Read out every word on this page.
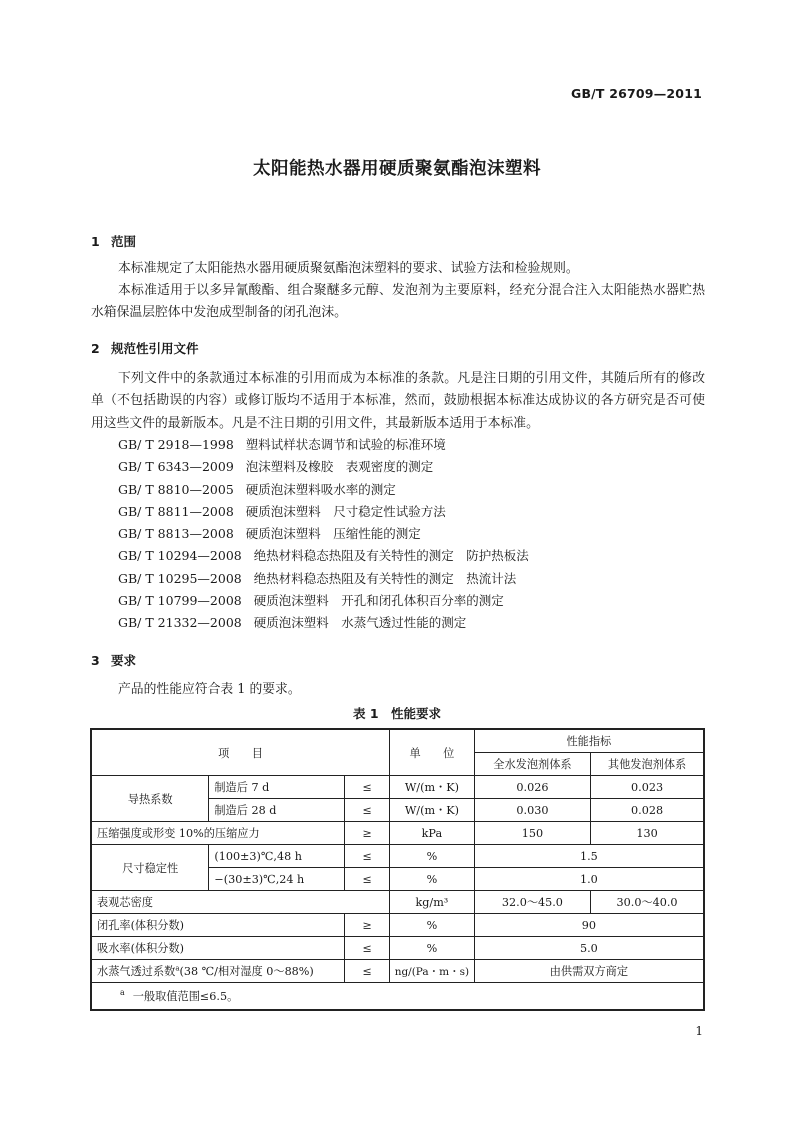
GB/T 26709—2011
太阳能热水器用硬质聚氨酯泡沫塑料
1 范围
本标准规定了太阳能热水器用硬质聚氨酯泡沫塑料的要求、试验方法和检验规则。
本标准适用于以多异氰酸酯、组合聚醚多元醇、发泡剂为主要原料，经充分混合注入太阳能热水器贮热水箱保温层腔体中发泡成型制备的闭孔泡沫。
2 规范性引用文件
下列文件中的条款通过本标准的引用而成为本标准的条款。凡是注日期的引用文件，其随后所有的修改单（不包括勘误的内容）或修订版均不适用于本标准，然而，鼓励根据本标准达成协议的各方研究是否可使用这些文件的最新版本。凡是不注日期的引用文件，其最新版本适用于本标准。
GB/ T 2918—1998 塑料试样状态调节和试验的标准环境
GB/ T 6343—2009 泡沫塑料及橡胶　表观密度的测定
GB/ T 8810—2005 硬质泡沫塑料吸水率的测定
GB/ T 8811—2008 硬质泡沫塑料　尺寸稳定性试验方法
GB/ T 8813—2008 硬质泡沫塑料　压缩性能的测定
GB/ T 10294—2008 绝热材料稳态热阻及有关特性的测定　防护热板法
GB/ T 10295—2008 绝热材料稳态热阻及有关特性的测定　热流计法
GB/ T 10799—2008 硬质泡沫塑料　开孔和闭孔体积百分率的测定
GB/ T 21332—2008 硬质泡沫塑料　水蒸气透过性能的测定
3 要求
产品的性能应符合表 1 的要求。
表 1　性能要求
项　　目			单　　位	性能指标	
				全水发泡剂体系	其他发泡剂体系
导热系数	制造后 7 d	≤	W/(m・K)	0.026	0.023
	制造后 28 d	≤	W/(m・K)	0.030	0.028
压缩强度或形变 10%的压缩应力		≥	kPa	150	130
尺寸稳定性	(100±3)℃,48 h	≤	%	1.5	
	−(30±3)℃,24 h	≤	%	1.0	
表观芯密度			kg/m³	32.0～45.0	30.0～40.0
闭孔率(体积分数)		≥	%	90	
吸水率(体积分数)		≤	%	5.0	
水蒸气透过系数$^a$(38 ℃/相对湿度 0～88%)		≤	ng/(Pa・m・s)	由供需双方商定	
$^a$ 一般取值范围≤6.5。					
1
